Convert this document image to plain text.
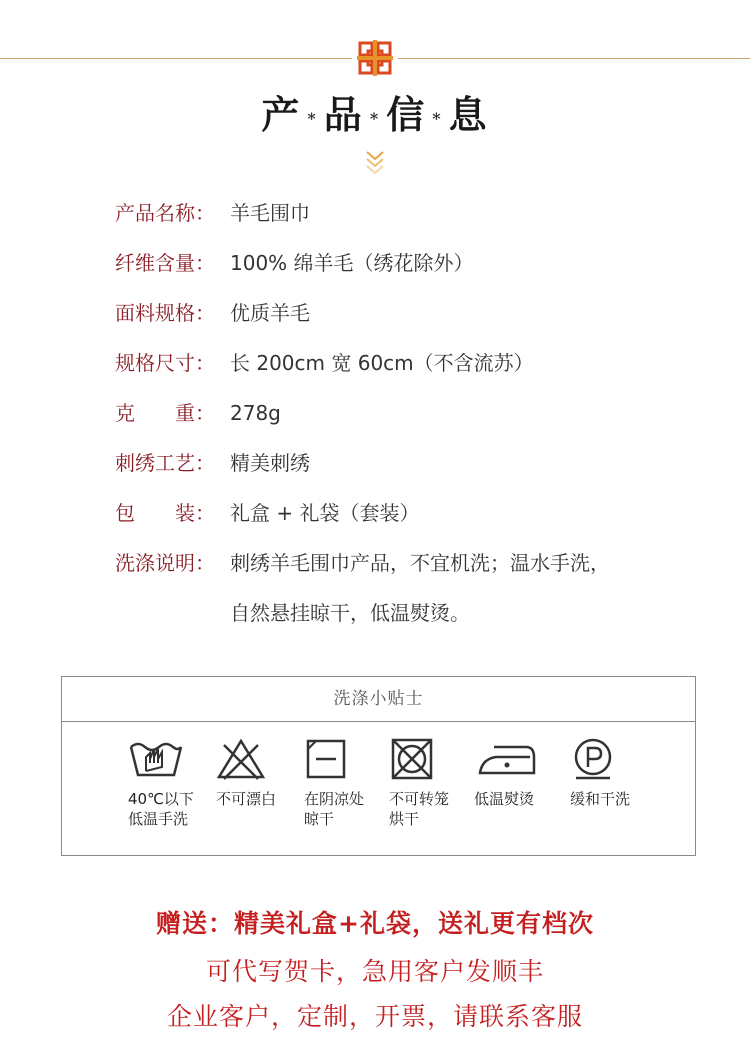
产 * 品 * 信 * 息
产品名称： 羊毛围巾
纤维含量： 100% 绵羊毛（绣花除外）
面料规格： 优质羊毛
规格尺寸： 长 200cm 宽 60cm（不含流苏）
克　　重： 278g
刺绣工艺： 精美刺绣
包　　装： 礼盒 + 礼袋（套装）
洗涤说明： 刺绣羊毛围巾产品，不宜机洗；温水手洗，
自然悬挂晾干，低温熨烫。
洗涤小贴士
40℃以下
低温手洗
不可漂白	在阴凉处
晾干
不可转笼
烘干
低温熨烫	缓和干洗
赠送：精美礼盒+礼袋，送礼更有档次
可代写贺卡，急用客户发顺丰
企业客户，定制，开票，请联系客服
